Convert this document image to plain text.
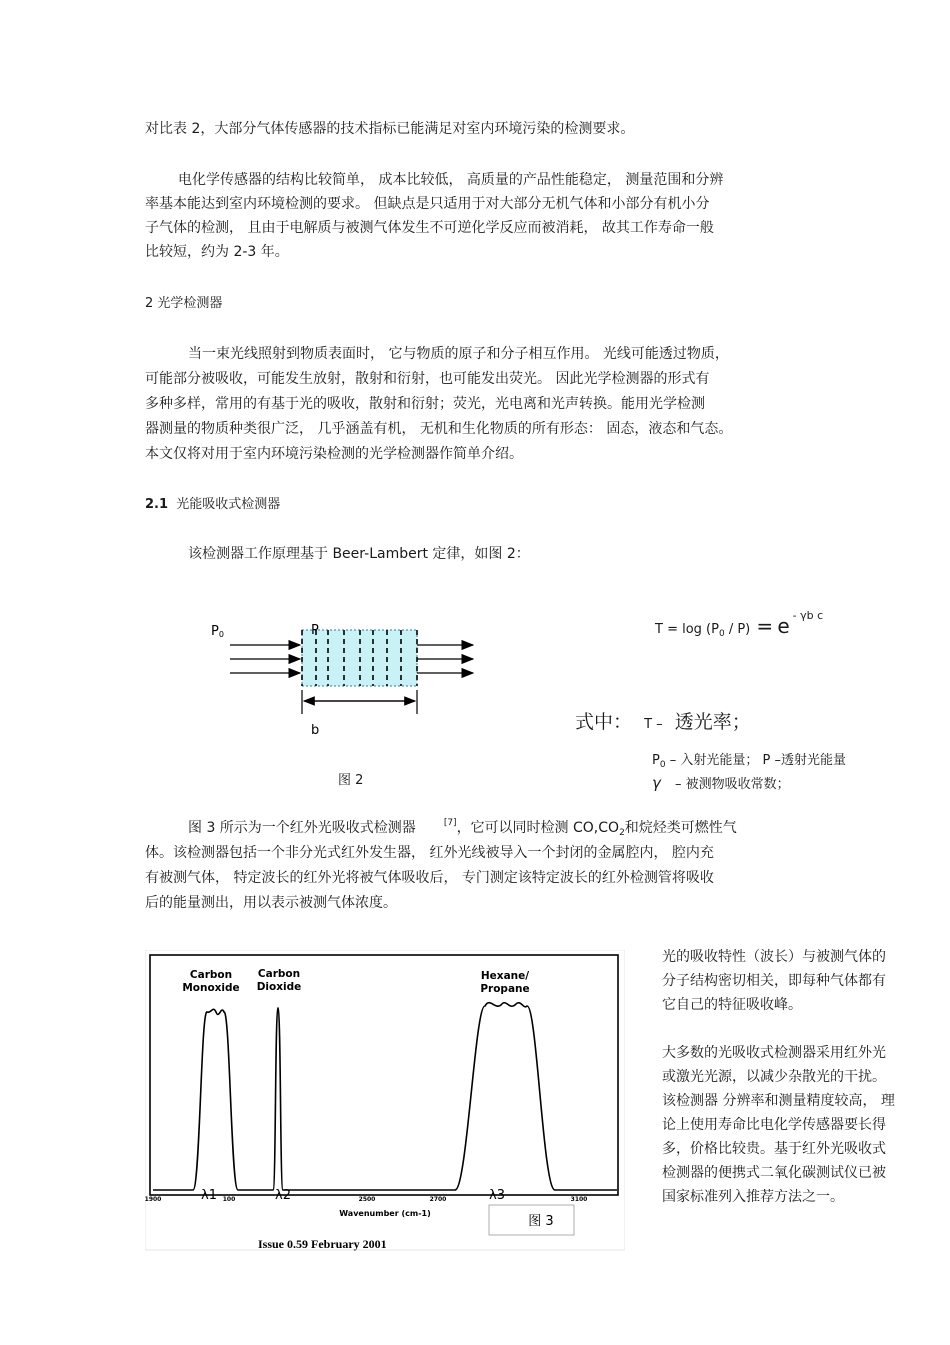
对比表 2，大部分气体传感器的技术指标已能满足对室内环境污染的检测要求。
电化学传感器的结构比较简单， 成本比较低， 高质量的产品性能稳定， 测量范围和分辨
率基本能达到室内环境检测的要求。 但缺点是只适用于对大部分无机气体和小部分有机小分
子气体的检测， 且由于电解质与被测气体发生不可逆化学反应而被消耗， 故其工作寿命一般
比较短，约为 2-3 年。
2 光学检测器
当一束光线照射到物质表面时， 它与物质的原子和分子相互作用。 光线可能透过物质，
可能部分被吸收，可能发生放射，散射和衍射，也可能发出荧光。 因此光学检测器的形式有
多种多样，常用的有基于光的吸收，散射和衍射；荧光，光电离和光声转换。能用光学检测
器测量的物质种类很广泛， 几乎涵盖有机， 无机和生化物质的所有形态： 固态，液态和气态。
本文仅将对用于室内环境污染检测的光学检测器作简单介绍。
2.1 光能吸收式检测器
该检测器工作原理基于 Beer-Lambert 定律，如图 2：
P0	P
b
图 2
$T = \log (P_0 / P) = e$ $^{- \gamma b c}$
式中： T – 透光率；
$P_0$ – 入射光能量； P –透射光能量
γ – 被测物吸收常数；
图 3 所示为一个红外光吸收式检测器	[7]，它可以同时检测 $CO,CO_2$和烷烃类可燃性气
体。该检测器包括一个非分光式红外发生器， 红外光线被导入一个封闭的金属腔内， 腔内充
有被测气体， 特定波长的红外光将被气体吸收后， 专门测定该特定波长的红外检测管将吸收
后的能量测出，用以表示被测气体浓度。
Carbon
Monoxide
Carbon
Dioxide
Hexane/
Propane
λ1	λ2	λ3
1900	100	2500	2700	3100
Wavenumber (cm-1)
图 3
Issue 0.59 February 2001
光的吸收特性（波长）与被测气体的
分子结构密切相关，即每种气体都有
它自己的特征吸收峰。
大多数的光吸收式检测器采用红外光
或激光光源，以减少杂散光的干扰。
该检测器 分辨率和测量精度较高， 理
论上使用寿命比电化学传感器要长得
多，价格比较贵。基于红外光吸收式
检测器的便携式二氧化碳测试仪已被
国家标准列入推荐方法之一。
